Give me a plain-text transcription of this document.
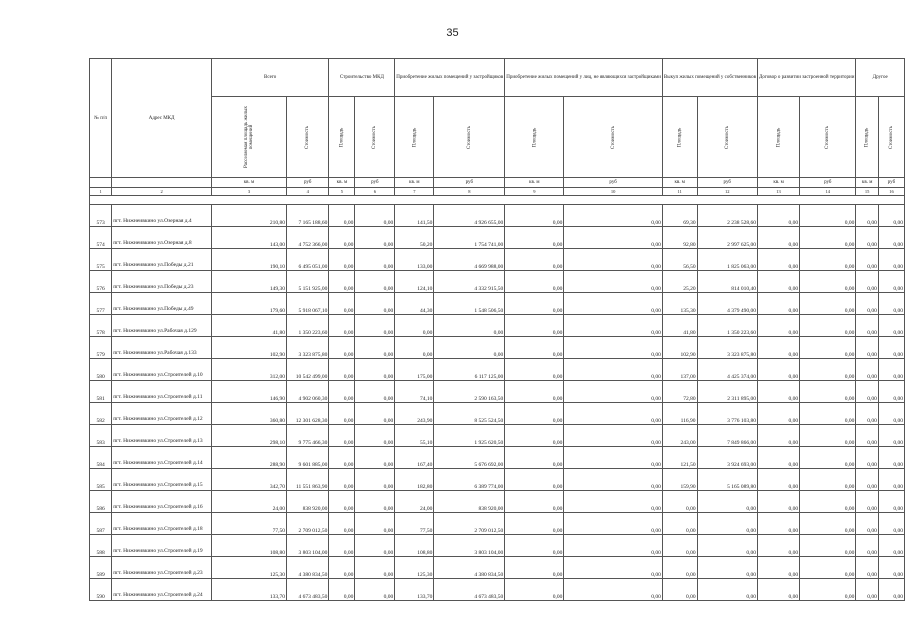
35
№ п/п	Адрес МКД	Всего		Строительство МКД		Приобретение жилых помещений у застройщиков		Приобретение жилых помещений у лиц, не являющихся застройщиками		Выкуп жилых помещений у собственников		Договор о развитии застроенной территории		Другое	
		Расселяемая площадь жилых помещений	Стоимость	Площадь	Стоимость	Площадь	Стоимость	Площадь	Стоимость	Площадь	Стоимость	Площадь	Стоимость	Площадь	Стоимость
		кв. м	руб	кв. м	руб	кв. м	руб	кв. м	руб	кв. м	руб	кв. м	руб	кв. м	руб
1	2	3	4	5	6	7	8	9	10	11	12	13	14	15	16

573	пгт. Нижнеивкино ул.Озерная д.4	210,80	7 165 188,60	0,00	0,00	141,50	4 926 655,00	0,00	0,00	69,30	2 238 528,60	0,00	0,00	0,00	0,00
574	пгт. Нижнеивкино ул.Озерная д.8	143,00	4 752 366,00	0,00	0,00	50,20	1 754 741,00	0,00	0,00	92,80	2 997 625,00	0,00	0,00	0,00	0,00
575	пгт. Нижнеивкино ул.Победы д.21	190,10	6 495 051,00	0,00	0,00	133,00	4 669 988,00	0,00	0,00	56,50	1 825 063,00	0,00	0,00	0,00	0,00
576	пгт. Нижнеивкино ул.Победы д.23	149,30	5 151 925,00	0,00	0,00	124,10	4 332 915,50	0,00	0,00	25,20	814 010,40	0,00	0,00	0,00	0,00
577	пгт. Нижнеивкино ул.Победы д.49	179,60	5 918 067,10	0,00	0,00	44,30	1 548 506,50	0,00	0,00	135,30	4 379 490,00	0,00	0,00	0,00	0,00
578	пгт. Нижнеивкино ул.Рабочая д.129	41,80	1 350 223,60	0,00	0,00	0,00	0,00	0,00	0,00	41,80	1 350 223,60	0,00	0,00	0,00	0,00
579	пгт. Нижнеивкино ул.Рабочая д.133	102,90	3 323 875,80	0,00	0,00	0,00	0,00	0,00	0,00	102,90	3 323 875,80	0,00	0,00	0,00	0,00
580	пгт. Нижнеивкино ул.Строителей д.10	312,00	10 542 499,00	0,00	0,00	175,00	6 117 125,00	0,00	0,00	137,00	4 425 374,00	0,00	0,00	0,00	0,00
581	пгт. Нижнеивкино ул.Строителей д.11	146,90	4 902 060,30	0,00	0,00	74,10	2 590 163,50	0,00	0,00	72,80	2 311 895,00	0,00	0,00	0,00	0,00
582	пгт. Нижнеивкино ул.Строителей д.12	360,80	12 301 628,30	0,00	0,00	243,90	8 525 524,50	0,00	0,00	116,90	3 776 103,80	0,00	0,00	0,00	0,00
583	пгт. Нижнеивкино ул.Строителей д.13	298,10	9 775 466,30	0,00	0,00	55,10	1 925 620,50	0,00	0,00	243,00	7 849 866,00	0,00	0,00	0,00	0,00
584	пгт. Нижнеивкино ул.Строителей д.14	288,90	9 601 885,00	0,00	0,00	167,40	5 676 692,00	0,00	0,00	121,50	3 924 693,00	0,00	0,00	0,00	0,00
585	пгт. Нижнеивкино ул.Строителей д.15	342,70	11 551 863,90	0,00	0,00	182,80	6 389 774,00	0,00	0,00	159,90	5 165 089,80	0,00	0,00	0,00	0,00
586	пгт. Нижнеивкино ул.Строителей д.16	24,00	838 920,00	0,00	0,00	24,00	838 920,00	0,00	0,00	0,00	0,00	0,00	0,00	0,00	0,00
587	пгт. Нижнеивкино ул.Строителей д.18	77,50	2 709 012,50	0,00	0,00	77,50	2 709 012,50	0,00	0,00	0,00	0,00	0,00	0,00	0,00	0,00
588	пгт. Нижнеивкино ул.Строителей д.19	108,80	3 803 104,00	0,00	0,00	108,80	3 803 104,00	0,00	0,00	0,00	0,00	0,00	0,00	0,00	0,00
589	пгт. Нижнеивкино ул.Строителей д.23	125,30	4 380 834,50	0,00	0,00	125,30	4 380 834,50	0,00	0,00	0,00	0,00	0,00	0,00	0,00	0,00
590	пгт. Нижнеивкино ул.Строителей д.24	133,70	4 673 483,50	0,00	0,00	133,70	4 673 483,50	0,00	0,00	0,00	0,00	0,00	0,00	0,00	0,00
